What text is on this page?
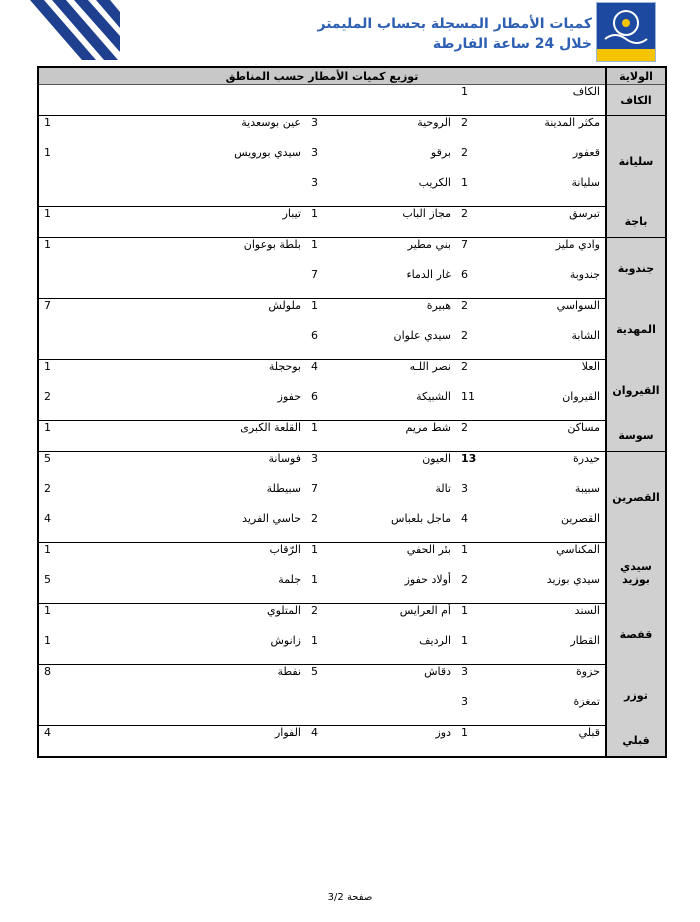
كميات الأمطار المسجلة بحساب المليمتر
خلال 24 ساعة الفارطة
الولاية	توزيع كميات الأمطار حسب المناطق					
الكاف	الكاف	1				
سليانة	مكثر المدينة	2	الروحية	3	عين بوسعدية	1
	قعفور	2	برقو	3	سيدي بورويس	1
	سليانة	1	الكريب	3		
باجة	تبرسق	2	مجاز الباب	1	تيبار	1
جندوبة	وادي مليز	7	بني مطير	1	بلطة بوعوان	1
	جندوبة	6	غار الدماء	7		
المهدية	السواسي	2	هبيرة	1	ملولش	7
	الشابة	2	سيدي علوان	6		
القيروان	العلا	2	نصر اللـه	4	بوحجلة	1
	القيروان	11	الشبيكة	6	حفوز	2
سوسة	مساكن	2	شط مريم	1	القلعة الكبرى	1
القصرين	حيدرة	13	العيون	3	فوسانة	5
	سبيبة	3	تالة	7	سبيطلة	2
	القصرين	4	ماجل بلعباس	2	حاسي الفريد	4
سيدي بوزيد	المكناسي	1	بئر الحفي	1	الرّقاب	1
	سيدي بوزيد	2	أولاد حفوز	1	جلمة	5
قفصة	السند	1	أم العرايس	2	المتلوي	1
	القطار	1	الرديف	1	زانوش	1
توزر	حزوة	3	دقاش	5	نفطة	8
	تمغزة	3				
قبلي	قبلي	1	دوز	4	الفوار	4
صفحة 3/2
